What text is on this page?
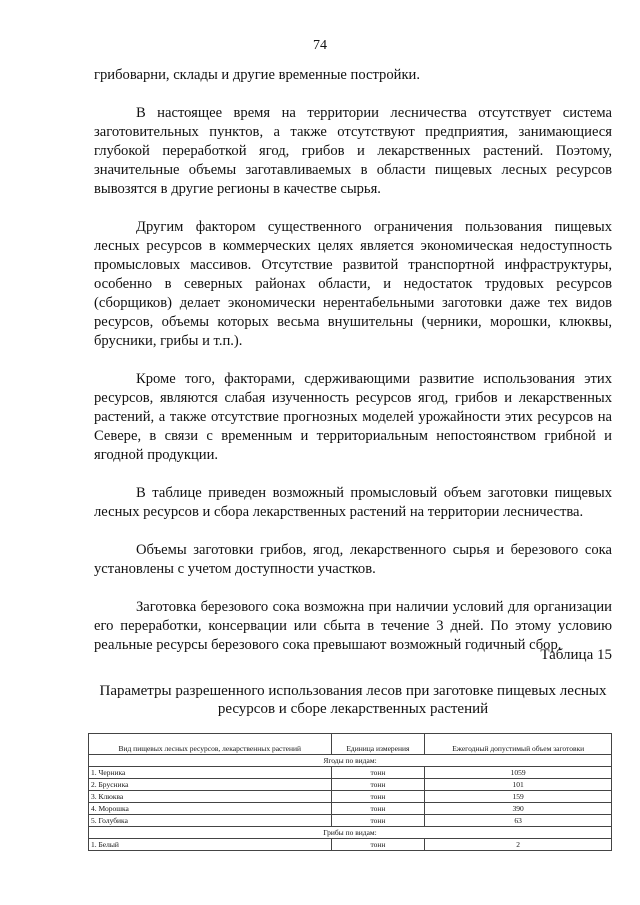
74

грибоварни, склады и другие временные постройки.

В настоящее время на территории лесничества отсутствует система заготовительных пунктов, а также отсутствуют предприятия, занимающиеся глубокой переработкой ягод, грибов и лекарственных растений. Поэтому, значительные объемы заготавливаемых в области пищевых лесных ресурсов вывозятся в другие регионы в качестве сырья.

Другим фактором существенного ограничения пользования пищевых лесных ресурсов в коммерческих целях является экономическая недоступность промысловых массивов. Отсутствие развитой транспортной инфраструктуры, особенно в северных районах области, и недостаток трудовых ресурсов (сборщиков) делает экономически нерентабельными заготовки даже тех видов ресурсов, объемы которых весьма внушительны (черники, морошки, клюквы, брусники, грибы и т.п.).

Кроме того, факторами, сдерживающими развитие использования этих ресурсов, являются слабая изученность ресурсов ягод, грибов и лекарственных растений, а также отсутствие прогнозных моделей урожайности этих ресурсов на Севере, в связи с временным и территориальным непостоянством грибной и ягодной продукции.

В таблице приведен возможный промысловый объем заготовки пищевых лесных ресурсов и сбора лекарственных растений на территории лесничества.

Объемы заготовки грибов, ягод, лекарственного сырья и березового сока установлены с учетом доступности участков.

Заготовка березового сока возможна при наличии условий для организации его переработки, консервации или сбыта в течение 3 дней. По этому условию реальные ресурсы березового сока превышают возможный годичный сбор.

Таблица 15
Параметры разрешенного использования лесов при заготовке пищевых лесных ресурсов и сборе лекарственных растений
Вид пищевых лесных ресурсов, лекарственных растений	Единица измерения	Ежегодный допустимый объем заготовки
Ягоды по видам:		
1. Черника	тонн	1059
2. Брусника	тонн	101
3. Клюква	тонн	159
4. Морошка	тонн	390
5. Голубика	тонн	63
Грибы по видам:		
1. Белый	тонн	2
